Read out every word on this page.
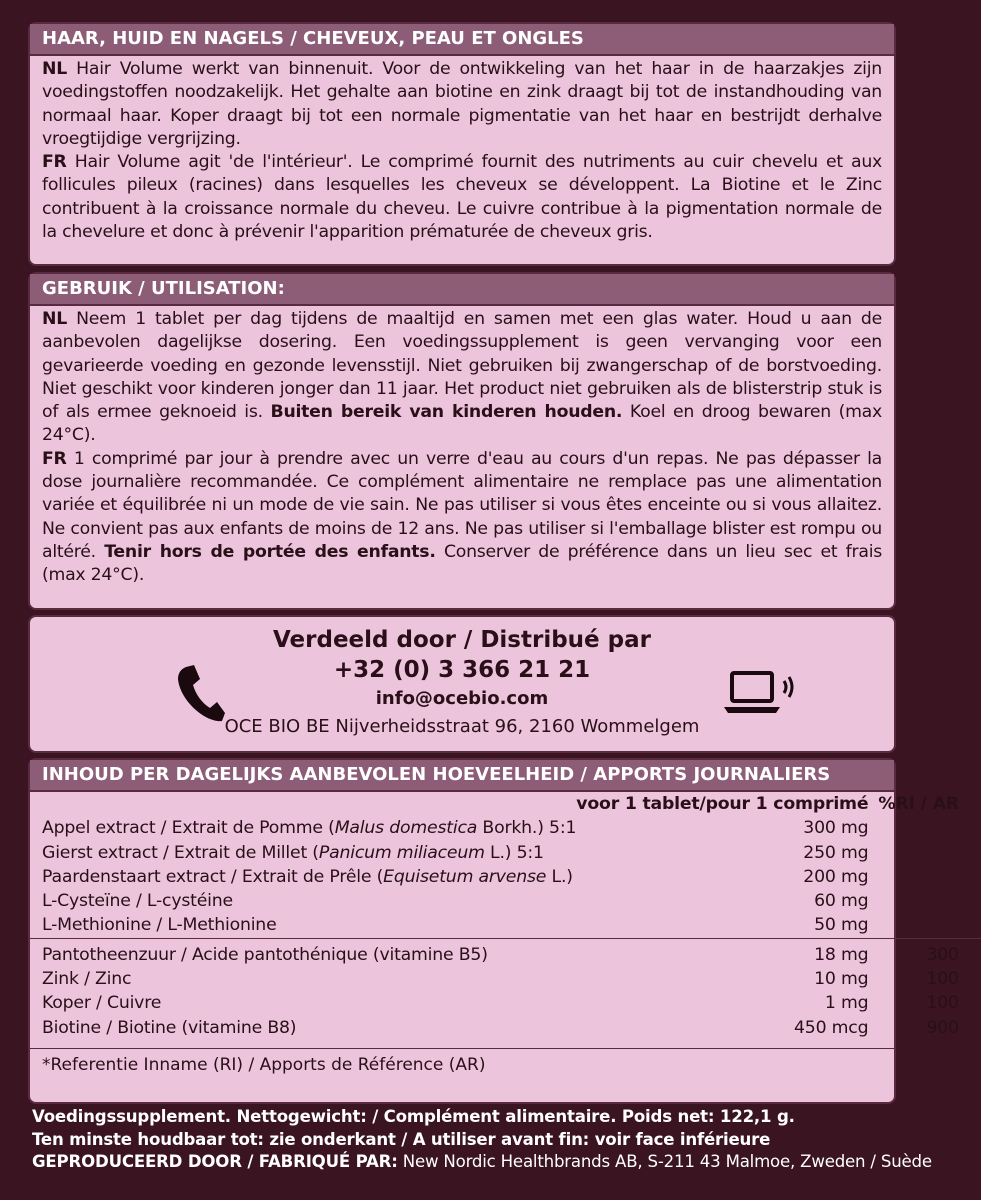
HAAR, HUID EN NAGELS / CHEVEUX, PEAU ET ONGLES

NL Hair Volume werkt van binnenuit. Voor de ontwikkeling van het haar in de haarzakjes zijn voedingstoffen noodzakelijk. Het gehalte aan biotine en zink draagt bij tot de instandhouding van normaal haar. Koper draagt bij tot een normale pigmentatie van het haar en bestrijdt derhalve vroegtijdige vergrijzing.

FR Hair Volume agit 'de l'intérieur'. Le comprimé fournit des nutriments au cuir chevelu et aux follicules pileux (racines) dans lesquelles les cheveux se développent. La Biotine et le Zinc contribuent à la croissance normale du cheveu. Le cuivre contribue à la pigmentation normale de la chevelure et donc à prévenir l'apparition prématurée de cheveux gris.

GEBRUIK / UTILISATION:

NL Neem 1 tablet per dag tijdens de maaltijd en samen met een glas water. Houd u aan de aanbevolen dagelijkse dosering. Een voedingssupplement is geen vervanging voor een gevarieerde voeding en gezonde levensstijl. Niet gebruiken bij zwangerschap of de borstvoeding. Niet geschikt voor kinderen jonger dan 11 jaar. Het product niet gebruiken als de blisterstrip stuk is of als ermee geknoeid is. Buiten bereik van kinderen houden. Koel en droog bewaren (max 24°C).

FR 1 comprimé par jour à prendre avec un verre d'eau au cours d'un repas. Ne pas dépasser la dose journalière recommandée. Ce complément alimentaire ne remplace pas une alimentation variée et équilibrée ni un mode de vie sain. Ne pas utiliser si vous êtes enceinte ou si vous allaitez. Ne convient pas aux enfants de moins de 12 ans. Ne pas utiliser si l'emballage blister est rompu ou altéré. Tenir hors de portée des enfants. Conserver de préférence dans un lieu sec et frais (max 24°C).

Verdeeld door / Distribué par
+32 (0) 3 366 21 21
info@ocebio.com
OCE BIO BE Nijverheidsstraat 96, 2160 Wommelgem
INHOUD PER DAGELIJKS AANBEVOLEN HOEVEELHEID / APPORTS JOURNALIERS
	voor 1 tablet/pour 1 comprimé	%RI / AR
Appel extract / Extrait de Pomme (Malus domestica Borkh.) 5:1	300 mg	
Gierst extract / Extrait de Millet (Panicum miliaceum L.) 5:1	250 mg	
Paardenstaart extract / Extrait de Prêle (Equisetum arvense L.)	200 mg	
L-Cysteïne / L-cystéine	60 mg	
L-Methionine / L-Methionine	50 mg	
Pantotheenzuur / Acide pantothénique (vitamine B5)	18 mg	300
Zink / Zinc	10 mg	100
Koper / Cuivre	1 mg	100
Biotine / Biotine (vitamine B8)	450 mcg	900
*Referentie Inname (RI) / Apports de Référence (AR)
Voedingssupplement. Nettogewicht: / Complément alimentaire. Poids net: 122,1 g.
Ten minste houdbaar tot: zie onderkant / A utiliser avant fin: voir face inférieure
GEPRODUCEERD DOOR / FABRIQUÉ PAR: New Nordic Healthbrands AB, S-211 43 Malmoe, Zweden / Suède
